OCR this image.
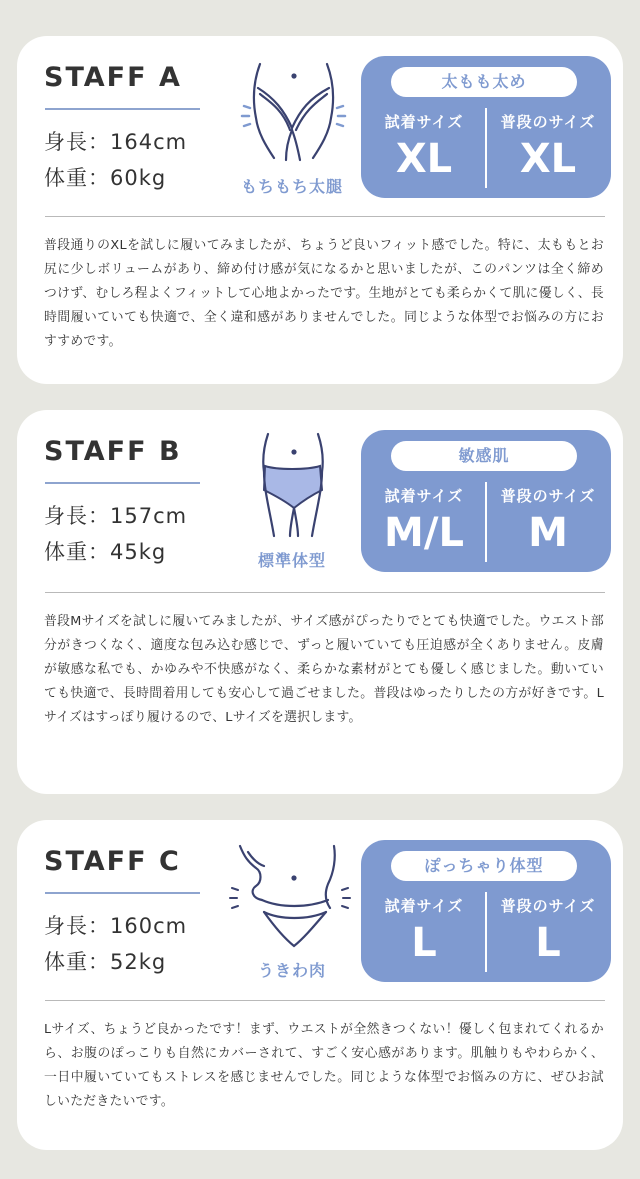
STAFF A
身長：164cm
体重：60kg	もちもち太腿
太もも太め
試着サイズ	普段のサイズ
XL	XL
普段通りのXLを試しに履いてみましたが、ちょうど良いフィット感でした。特に、太ももとお尻に少しボリュームがあり、締め付け感が気になるかと思いましたが、このパンツは全く締めつけず、むしろ程よくフィットして心地よかったです。生地がとても柔らかくて肌に優しく、長時間履いていても快適で、全く違和感がありませんでした。同じような体型でお悩みの方におすすめです。
STAFF B
身長：157cm
体重：45kg	標準体型
敏感肌
試着サイズ	普段のサイズ
M/L	M
普段Mサイズを試しに履いてみましたが、サイズ感がぴったりでとても快適でした。ウエスト部分がきつくなく、適度な包み込む感じで、ずっと履いていても圧迫感が全くありません。皮膚が敏感な私でも、かゆみや不快感がなく、柔らかな素材がとても優しく感じました。動いていても快適で、長時間着用しても安心して過ごせました。普段はゆったりしたの方が好きです。Lサイズはすっぽり履けるので、Lサイズを選択します。
STAFF C
身長：160cm
体重：52kg	うきわ肉
ぽっちゃり体型
試着サイズ	普段のサイズ
L	L
Lサイズ、ちょうど良かったです！まず、ウエストが全然きつくない！優しく包まれてくれるから、お腹のぽっこりも自然にカバーされて、すごく安心感があります。肌触りもやわらかく、一日中履いていてもストレスを感じませんでした。同じような体型でお悩みの方に、ぜひお試しいただきたいです。
